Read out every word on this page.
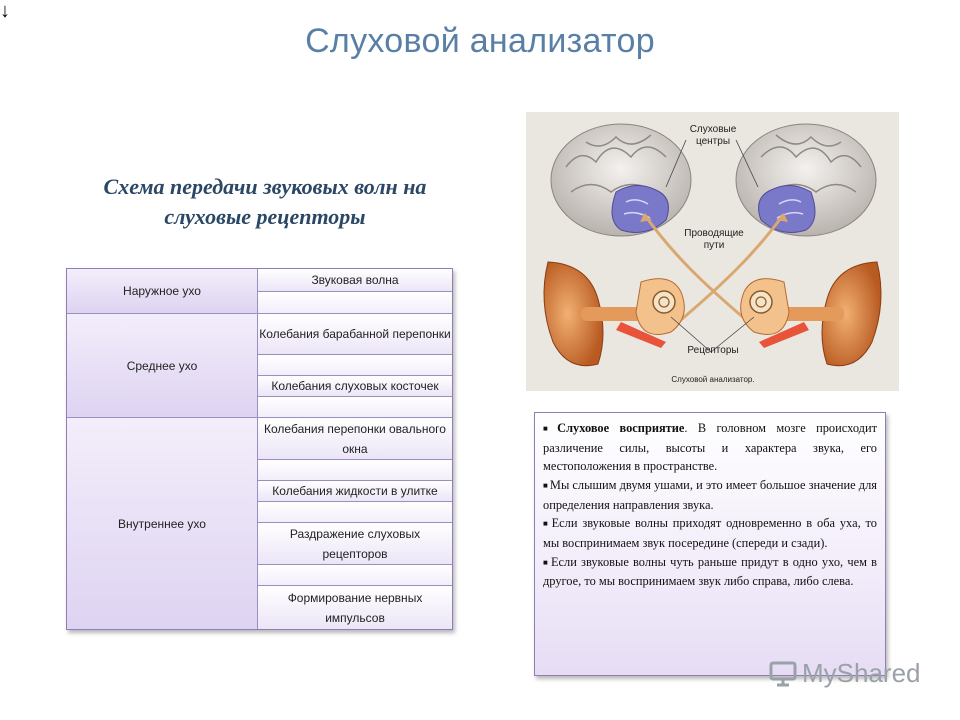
↓
Слуховой анализатор
Схема передачи звуковых волн на слуховые рецепторы
Наружное ухо
Среднее ухо
Внутреннее ухо
Звуковая волна
Колебания барабанной перепонки
Колебания слуховых косточек
Колебания перепонки овального окна
Колебания жидкости в улитке
Раздражение слуховых рецепторов
Формирование нервных импульсов
Слуховые центры
Проводящие пути
Рецепторы
Слуховой анализатор.

■ Слуховое восприятие. В головном мозге происходит различение силы, высоты и характера звука, его местоположения в пространстве.

■ Мы слышим двумя ушами, и это имеет большое значение для определения направления звука.

■ Если звуковые волны приходят одновременно в оба уха, то мы воспринимаем звук посередине (спереди и сзади).

■ Если звуковые волны чуть раньше придут в одно ухо, чем в другое, то мы воспринимаем звук либо справа, либо слева.

MyShared
